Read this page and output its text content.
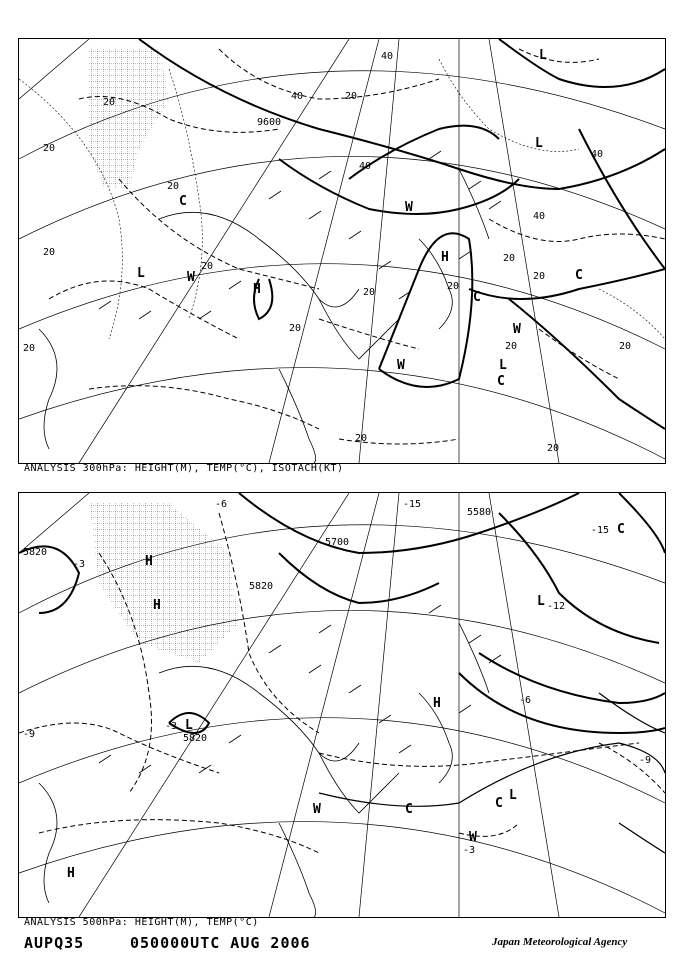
9600
40
40
40
20
20
20
20
20
20
20
20
20
20	20
20
20
40
40
20
20
20
L
L
L
L
W
W
W
W
H
H
C
C
C
C
ANALYSIS 300hPa: HEIGHT(M), TEMP(°C), ISOTACH(KT)
5820
5700
5580
5820
5820
-15
-15
-12
-9
-9
-6
-3
-3
-3
-6
H
H
H
H
L
L
L
W
W
C	C
C
ANALYSIS 500hPa: HEIGHT(M), TEMP(°C)
AUPQ35	050000UTC AUG 2006	Japan Meteorological Agency
